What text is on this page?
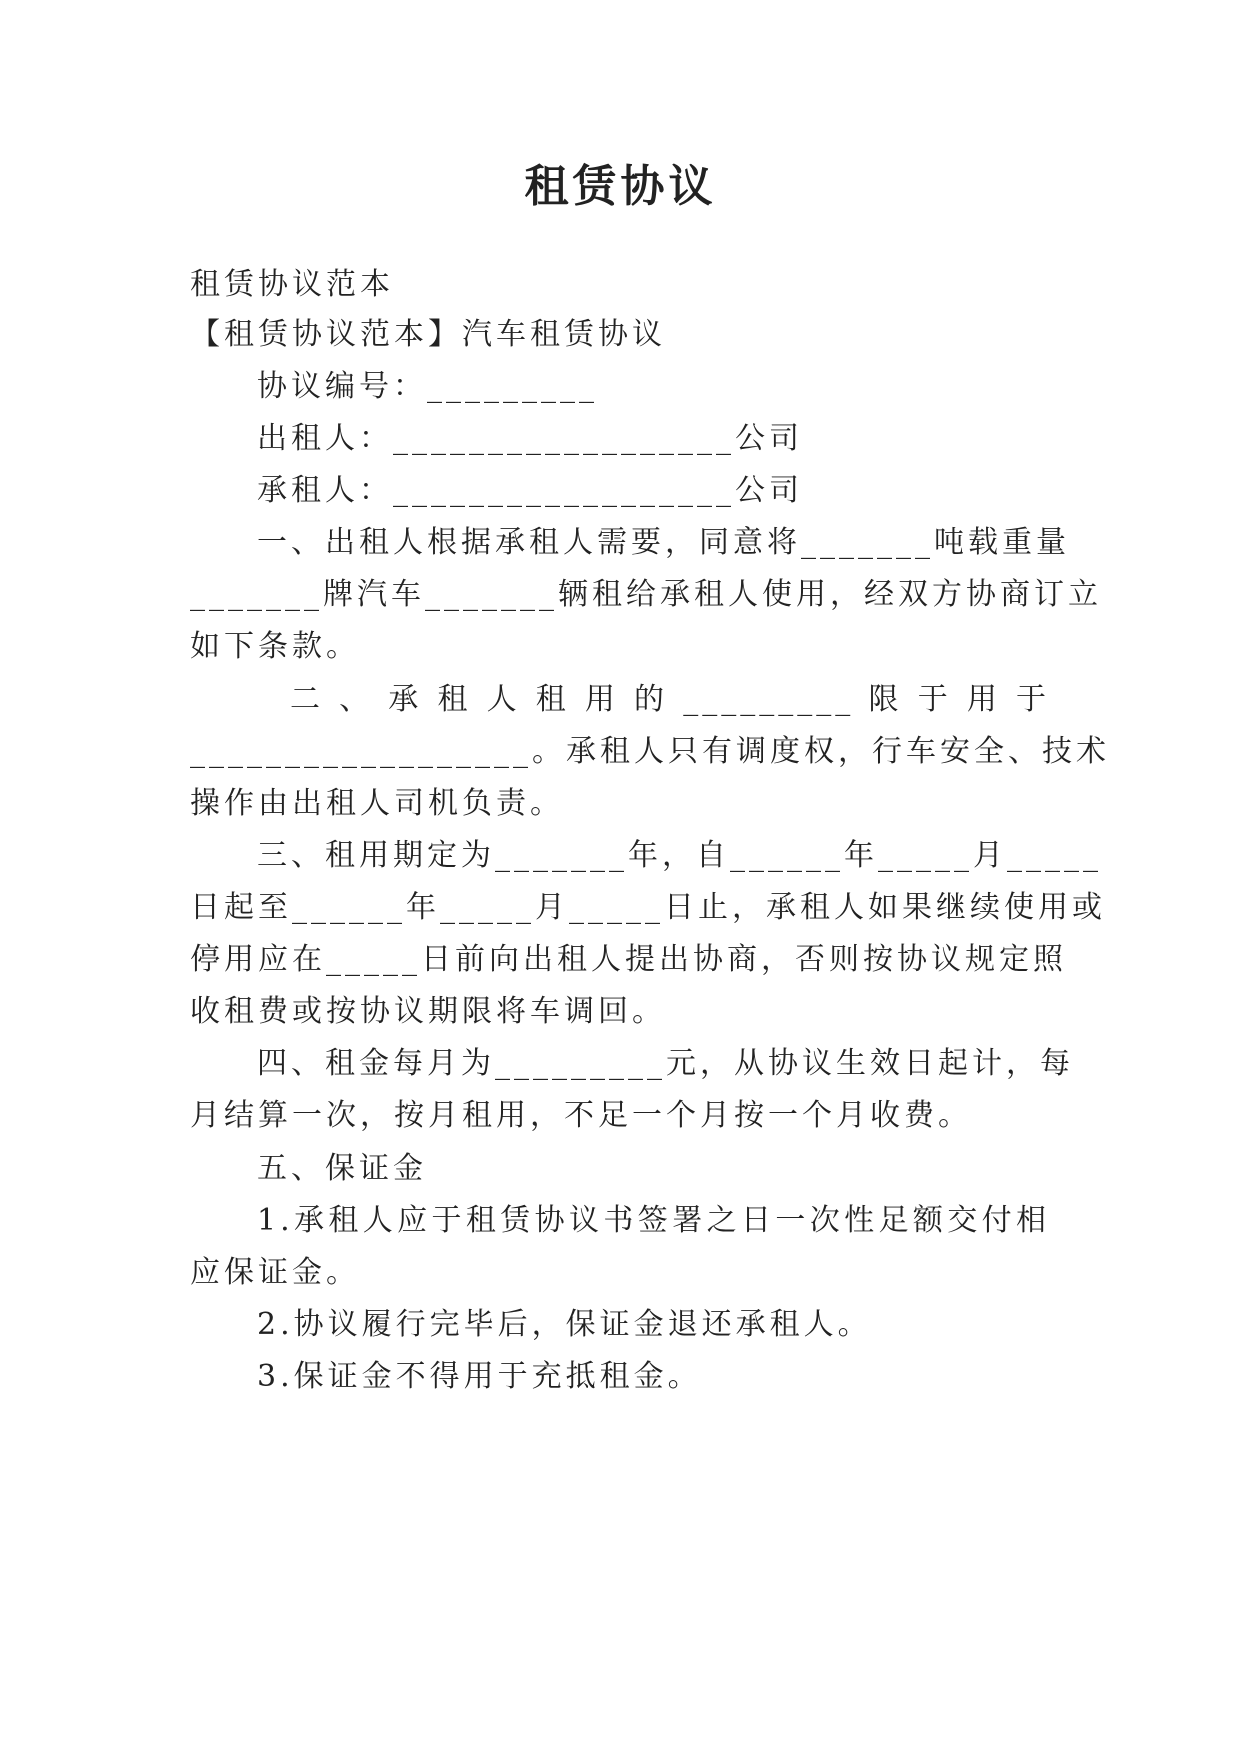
租赁协议
租赁协议范本
【租赁协议范本】汽车租赁协议
协议编号：_________
出租人：__________________公司
承租人：__________________公司
一、出租人根据承租人需要，同意将_______吨载重量
_______牌汽车_______辆租给承租人使用，经双方协商订立
如下条款。
二 、 承 租 人 租 用 的 _________ 限 于 用 于
__________________。承租人只有调度权，行车安全、技术
操作由出租人司机负责。
三、租用期定为_______年，自______年_____月_____
日起至______年_____月_____日止，承租人如果继续使用或
停用应在_____日前向出租人提出协商，否则按协议规定照
收租费或按协议期限将车调回。
四、租金每月为_________元，从协议生效日起计，每
月结算一次，按月租用，不足一个月按一个月收费。
五、保证金
1.承租人应于租赁协议书签署之日一次性足额交付相
应保证金。
2.协议履行完毕后，保证金退还承租人。
3.保证金不得用于充抵租金。
